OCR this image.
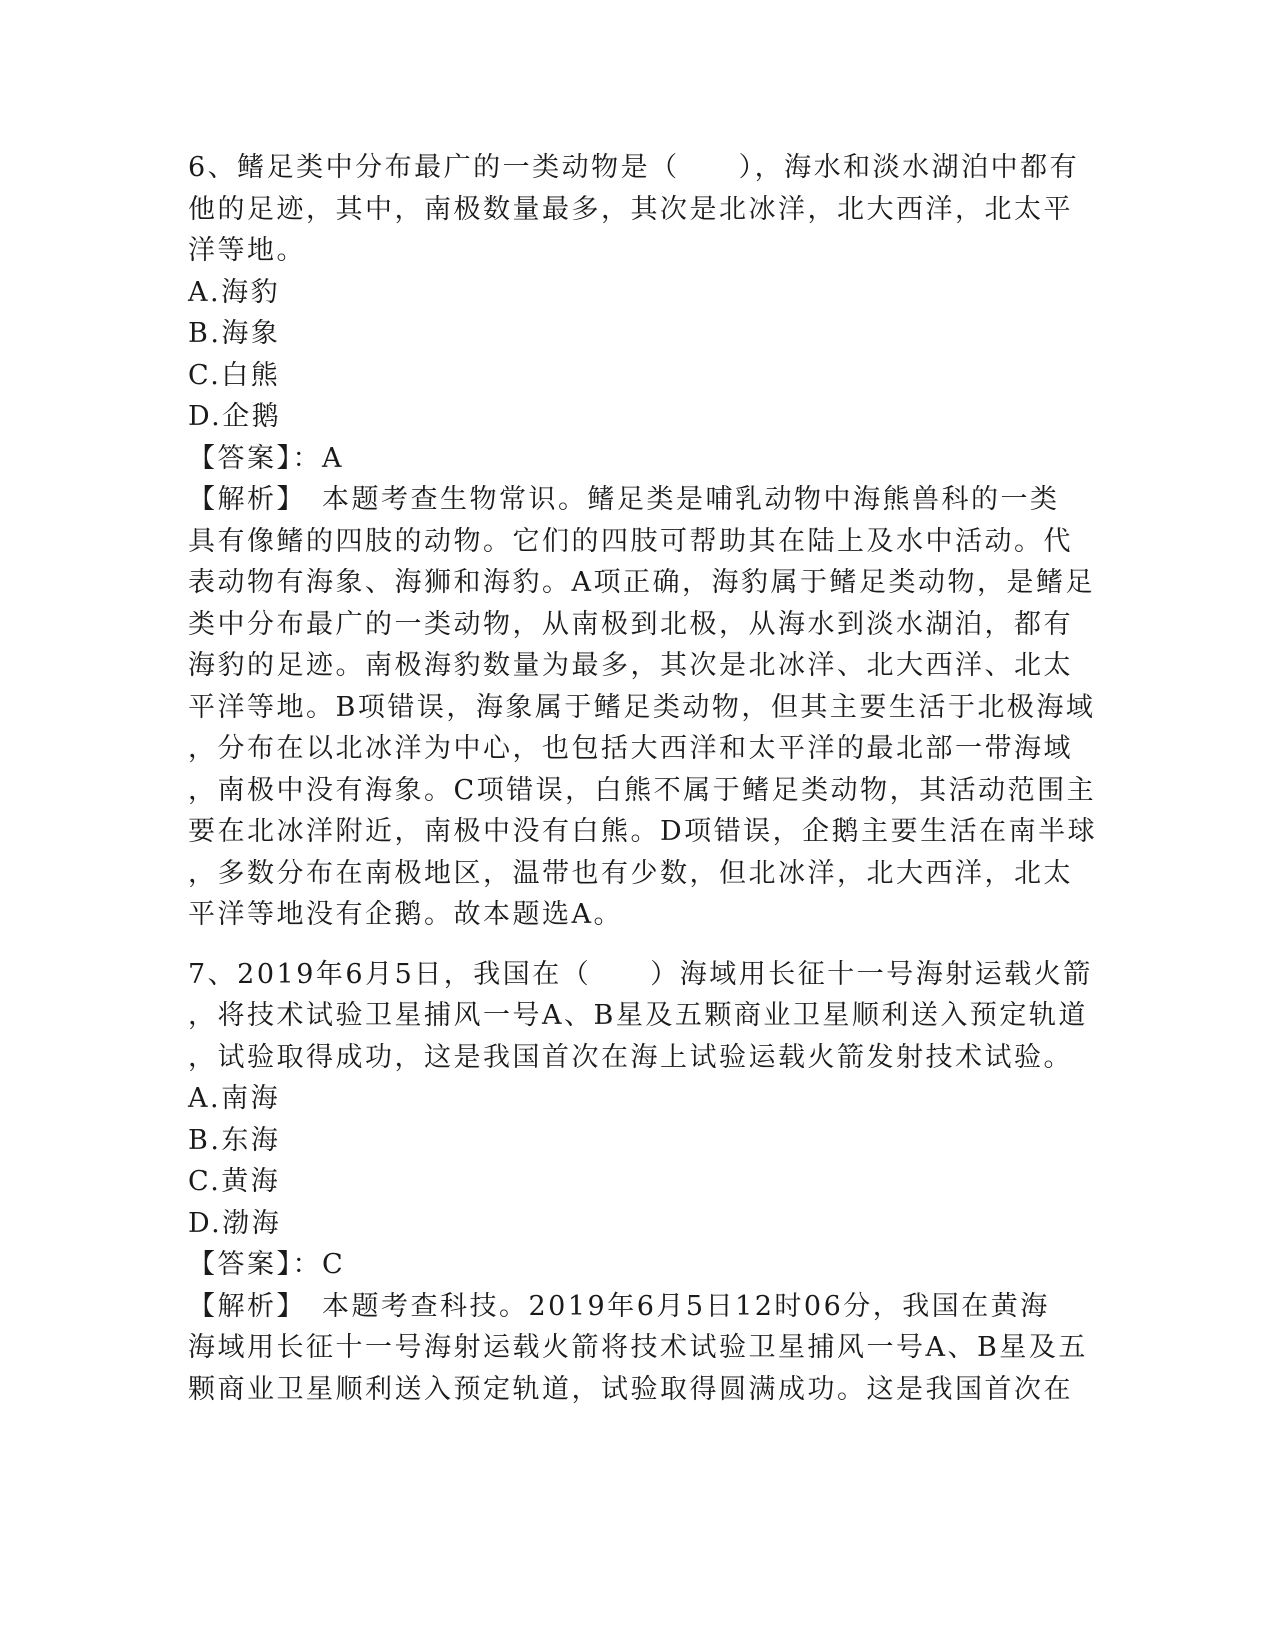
6、鳍足类中分布最广的一类动物是（　　），海水和淡水湖泊中都有
他的足迹，其中，南极数量最多，其次是北冰洋，北大西洋，北太平
洋等地。
A.海豹
B.海象
C.白熊
D.企鹅
【答案】：A
【解析】　本题考查生物常识。鳍足类是哺乳动物中海熊兽科的一类
具有像鳍的四肢的动物。它们的四肢可帮助其在陆上及水中活动。代
表动物有海象、海狮和海豹。A项正确，海豹属于鳍足类动物，是鳍足
类中分布最广的一类动物，从南极到北极，从海水到淡水湖泊，都有
海豹的足迹。南极海豹数量为最多，其次是北冰洋、北大西洋、北太
平洋等地。B项错误，海象属于鳍足类动物，但其主要生活于北极海域
，分布在以北冰洋为中心，也包括大西洋和太平洋的最北部一带海域
，南极中没有海象。C项错误，白熊不属于鳍足类动物，其活动范围主
要在北冰洋附近，南极中没有白熊。D项错误，企鹅主要生活在南半球
，多数分布在南极地区，温带也有少数，但北冰洋，北大西洋，北太
平洋等地没有企鹅。故本题选A。
7、2019年6月5日，我国在（　　）海域用长征十一号海射运载火箭
，将技术试验卫星捕风一号A、B星及五颗商业卫星顺利送入预定轨道
，试验取得成功，这是我国首次在海上试验运载火箭发射技术试验。
A.南海
B.东海
C.黄海
D.渤海
【答案】：C
【解析】　本题考查科技。2019年6月5日12时06分，我国在黄海
海域用长征十一号海射运载火箭将技术试验卫星捕风一号A、B星及五
颗商业卫星顺利送入预定轨道，试验取得圆满成功。这是我国首次在
